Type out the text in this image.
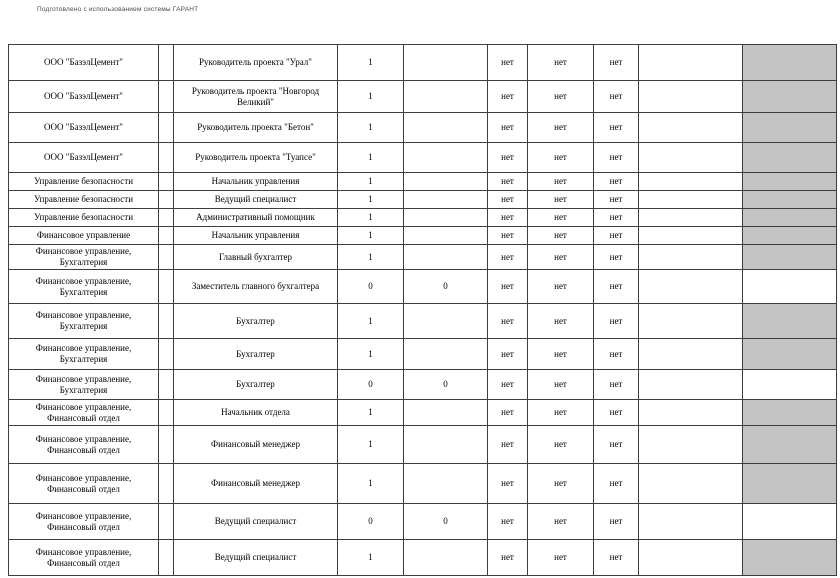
Подготовлено с использованием системы ГАРАНТ
ООО "БазэлЦемент"		Руководитель проекта "Урал"	1		нет	нет	нет		
ООО "БазэлЦемент"		Руководитель проекта "Новгород Великий"	1		нет	нет	нет		
ООО "БазэлЦемент"		Руководитель проекта "Бетон"	1		нет	нет	нет		
ООО "БазэлЦемент"		Руководитель проекта "Туапсе"	1		нет	нет	нет		
Управление безопасности		Начальник управления	1		нет	нет	нет		
Управление безопасности		Ведущий специалист	1		нет	нет	нет		
Управление безопасности		Административный помощник	1		нет	нет	нет		
Финансовое управление		Начальник управления	1		нет	нет	нет		
Финансовое управление, Бухгалтерия		Главный бухгалтер	1		нет	нет	нет		
Финансовое управление, Бухгалтерия		Заместитель главного бухгалтера	0	0	нет	нет	нет		
Финансовое управление, Бухгалтерия		Бухгалтер	1		нет	нет	нет		
Финансовое управление, Бухгалтерия		Бухгалтер	1		нет	нет	нет		
Финансовое управление, Бухгалтерия		Бухгалтер	0	0	нет	нет	нет		
Финансовое управление, Финансовый отдел		Начальник отдела	1		нет	нет	нет		
Финансовое управление, Финансовый отдел		Финансовый менеджер	1		нет	нет	нет		
Финансовое управление, Финансовый отдел		Финансовый менеджер	1		нет	нет	нет		
Финансовое управление, Финансовый отдел		Ведущий специалист	0	0	нет	нет	нет		
Финансовое управление, Финансовый отдел		Ведущий специалист	1		нет	нет	нет		
